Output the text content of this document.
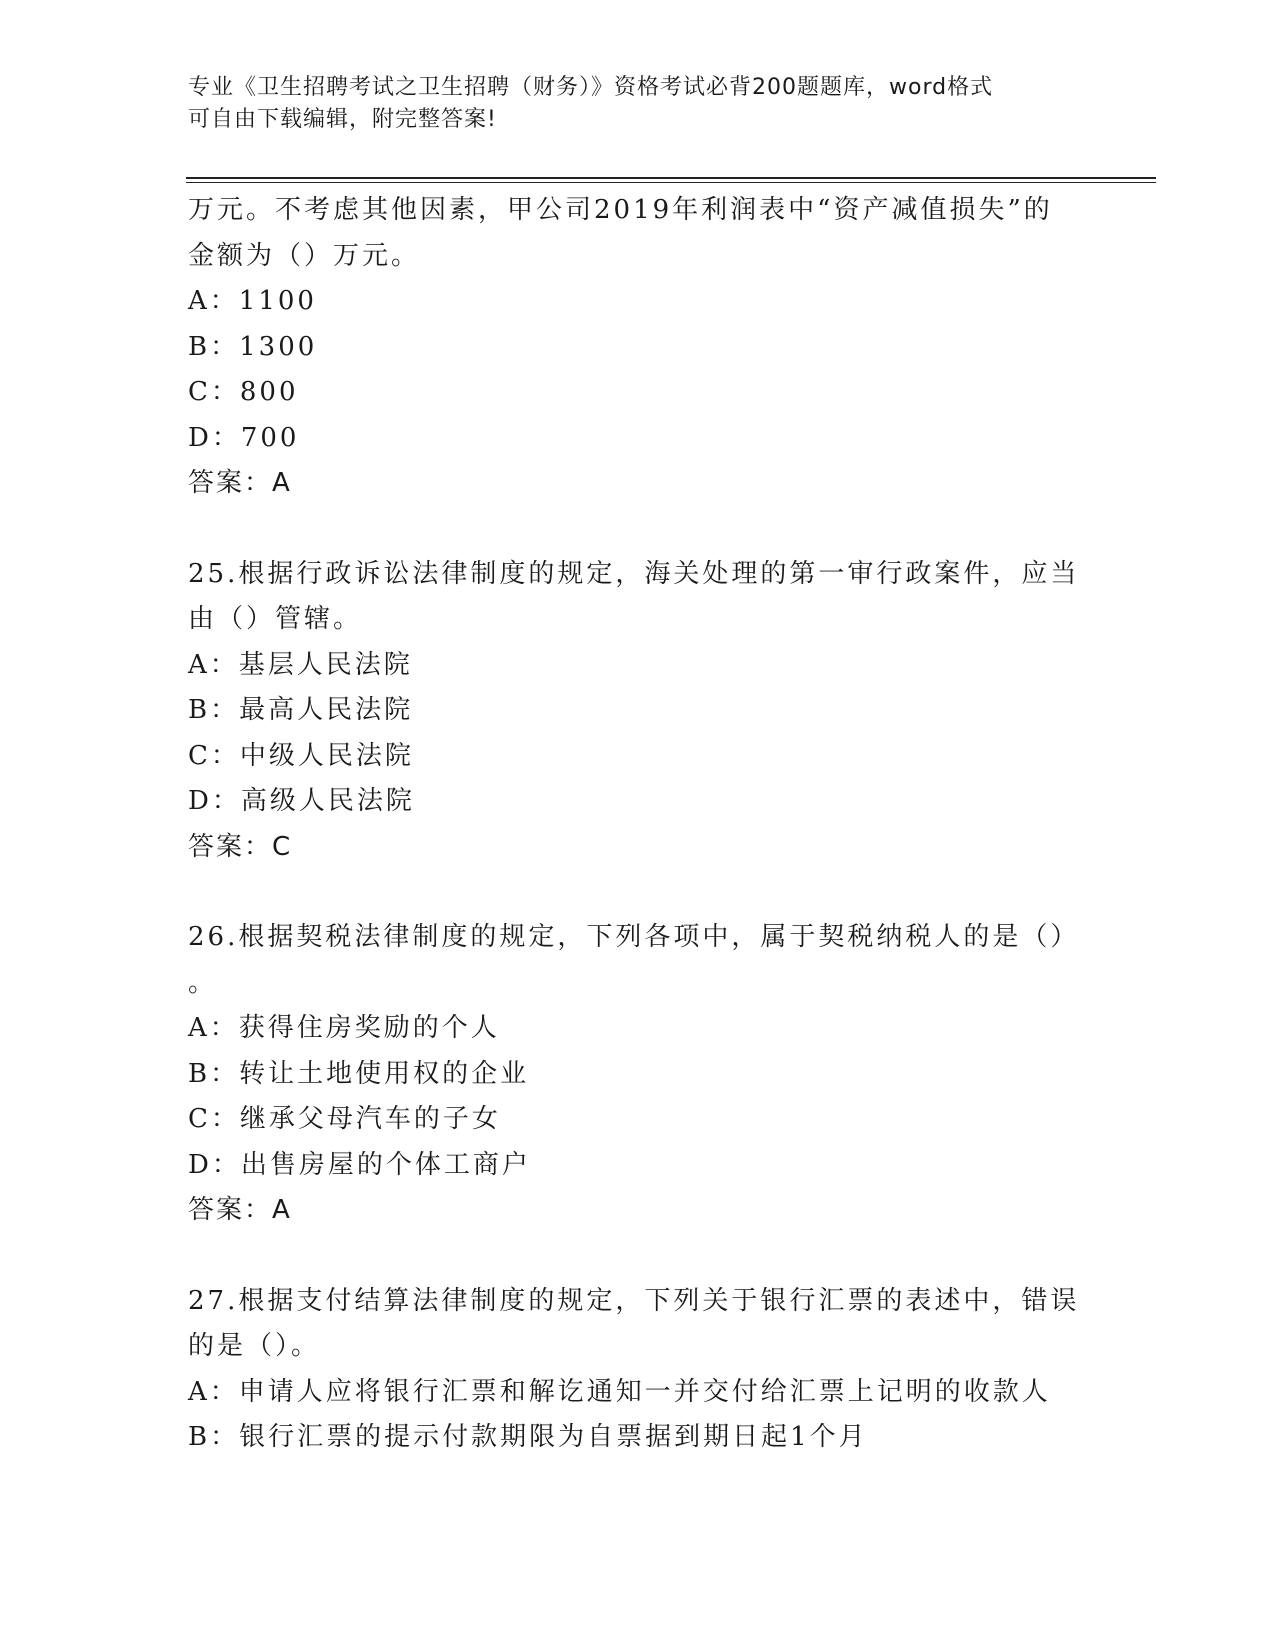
专业《卫生招聘考试之卫生招聘（财务）》资格考试必背200题题库，word格式
可自由下载编辑，附完整答案!
万元。不考虑其他因素，甲公司2019年利润表中“资产减值损失”的
金额为（）万元。
A：1100
B：1300
C：800
D：700
答案：A
25.根据行政诉讼法律制度的规定，海关处理的第一审行政案件，应当
由（）管辖。
A：基层人民法院
B：最高人民法院
C：中级人民法院
D：高级人民法院
答案：C
26.根据契税法律制度的规定，下列各项中，属于契税纳税人的是（）
。
A：获得住房奖励的个人
B：转让土地使用权的企业
C：继承父母汽车的子女
D：出售房屋的个体工商户
答案：A
27.根据支付结算法律制度的规定，下列关于银行汇票的表述中，错误
的是（）。
A：申请人应将银行汇票和解讫通知一并交付给汇票上记明的收款人
B：银行汇票的提示付款期限为自票据到期日起1个月
